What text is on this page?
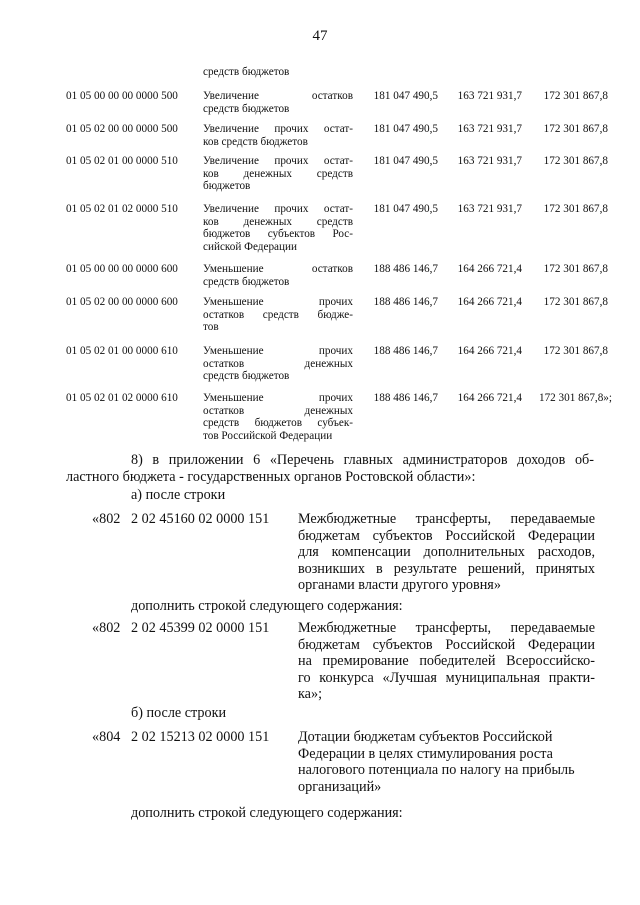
47
средств бюджетов
01 05 00 00 00 0000 500 Увеличение остатков
средств бюджетов
181 047 490,5	163 721 931,7	172 301 867,8
01 05 02 00 00 0000 500 Увеличение прочих остат-
ков средств бюджетов
181 047 490,5	163 721 931,7	172 301 867,8
01 05 02 01 00 0000 510 Увеличение прочих остат-
ков денежных средств
бюджетов
181 047 490,5	163 721 931,7	172 301 867,8
01 05 02 01 02 0000 510 Увеличение прочих остат-
ков денежных средств
бюджетов субъектов Рос-
сийской Федерации
181 047 490,5	163 721 931,7	172 301 867,8
01 05 00 00 00 0000 600 Уменьшение остатков
средств бюджетов
188 486 146,7	164 266 721,4	172 301 867,8
01 05 02 00 00 0000 600 Уменьшение прочих
остатков средств бюдже-
тов
188 486 146,7	164 266 721,4	172 301 867,8
01 05 02 01 00 0000 610 Уменьшение прочих
остатков денежных
средств бюджетов
188 486 146,7	164 266 721,4	172 301 867,8
01 05 02 01 02 0000 610 Уменьшение прочих
остатков денежных
средств бюджетов субъек-
тов Российской Федерации
188 486 146,7	164 266 721,4	172 301 867,8»;
8) в приложении 6 «Перечень главных администраторов доходов об-
ластного бюджета - государственных органов Ростовской области»:
а) после строки
«802 2 02 45160 02 0000 151 Межбюджетные трансферты, передаваемые
бюджетам субъектов Российской Федерации
для компенсации дополнительных расходов,
возникших в результате решений, принятых
органами власти другого уровня»
дополнить строкой следующего содержания:
«802 2 02 45399 02 0000 151 Межбюджетные трансферты, передаваемые
бюджетам субъектов Российской Федерации
на премирование победителей Всероссийско-
го конкурса «Лучшая муниципальная практи-
ка»;
б) после строки
«804 2 02 15213 02 0000 151 Дотации бюджетам субъектов Российской
Федерации в целях стимулирования роста
налогового потенциала по налогу на прибыль
организаций»
дополнить строкой следующего содержания:
